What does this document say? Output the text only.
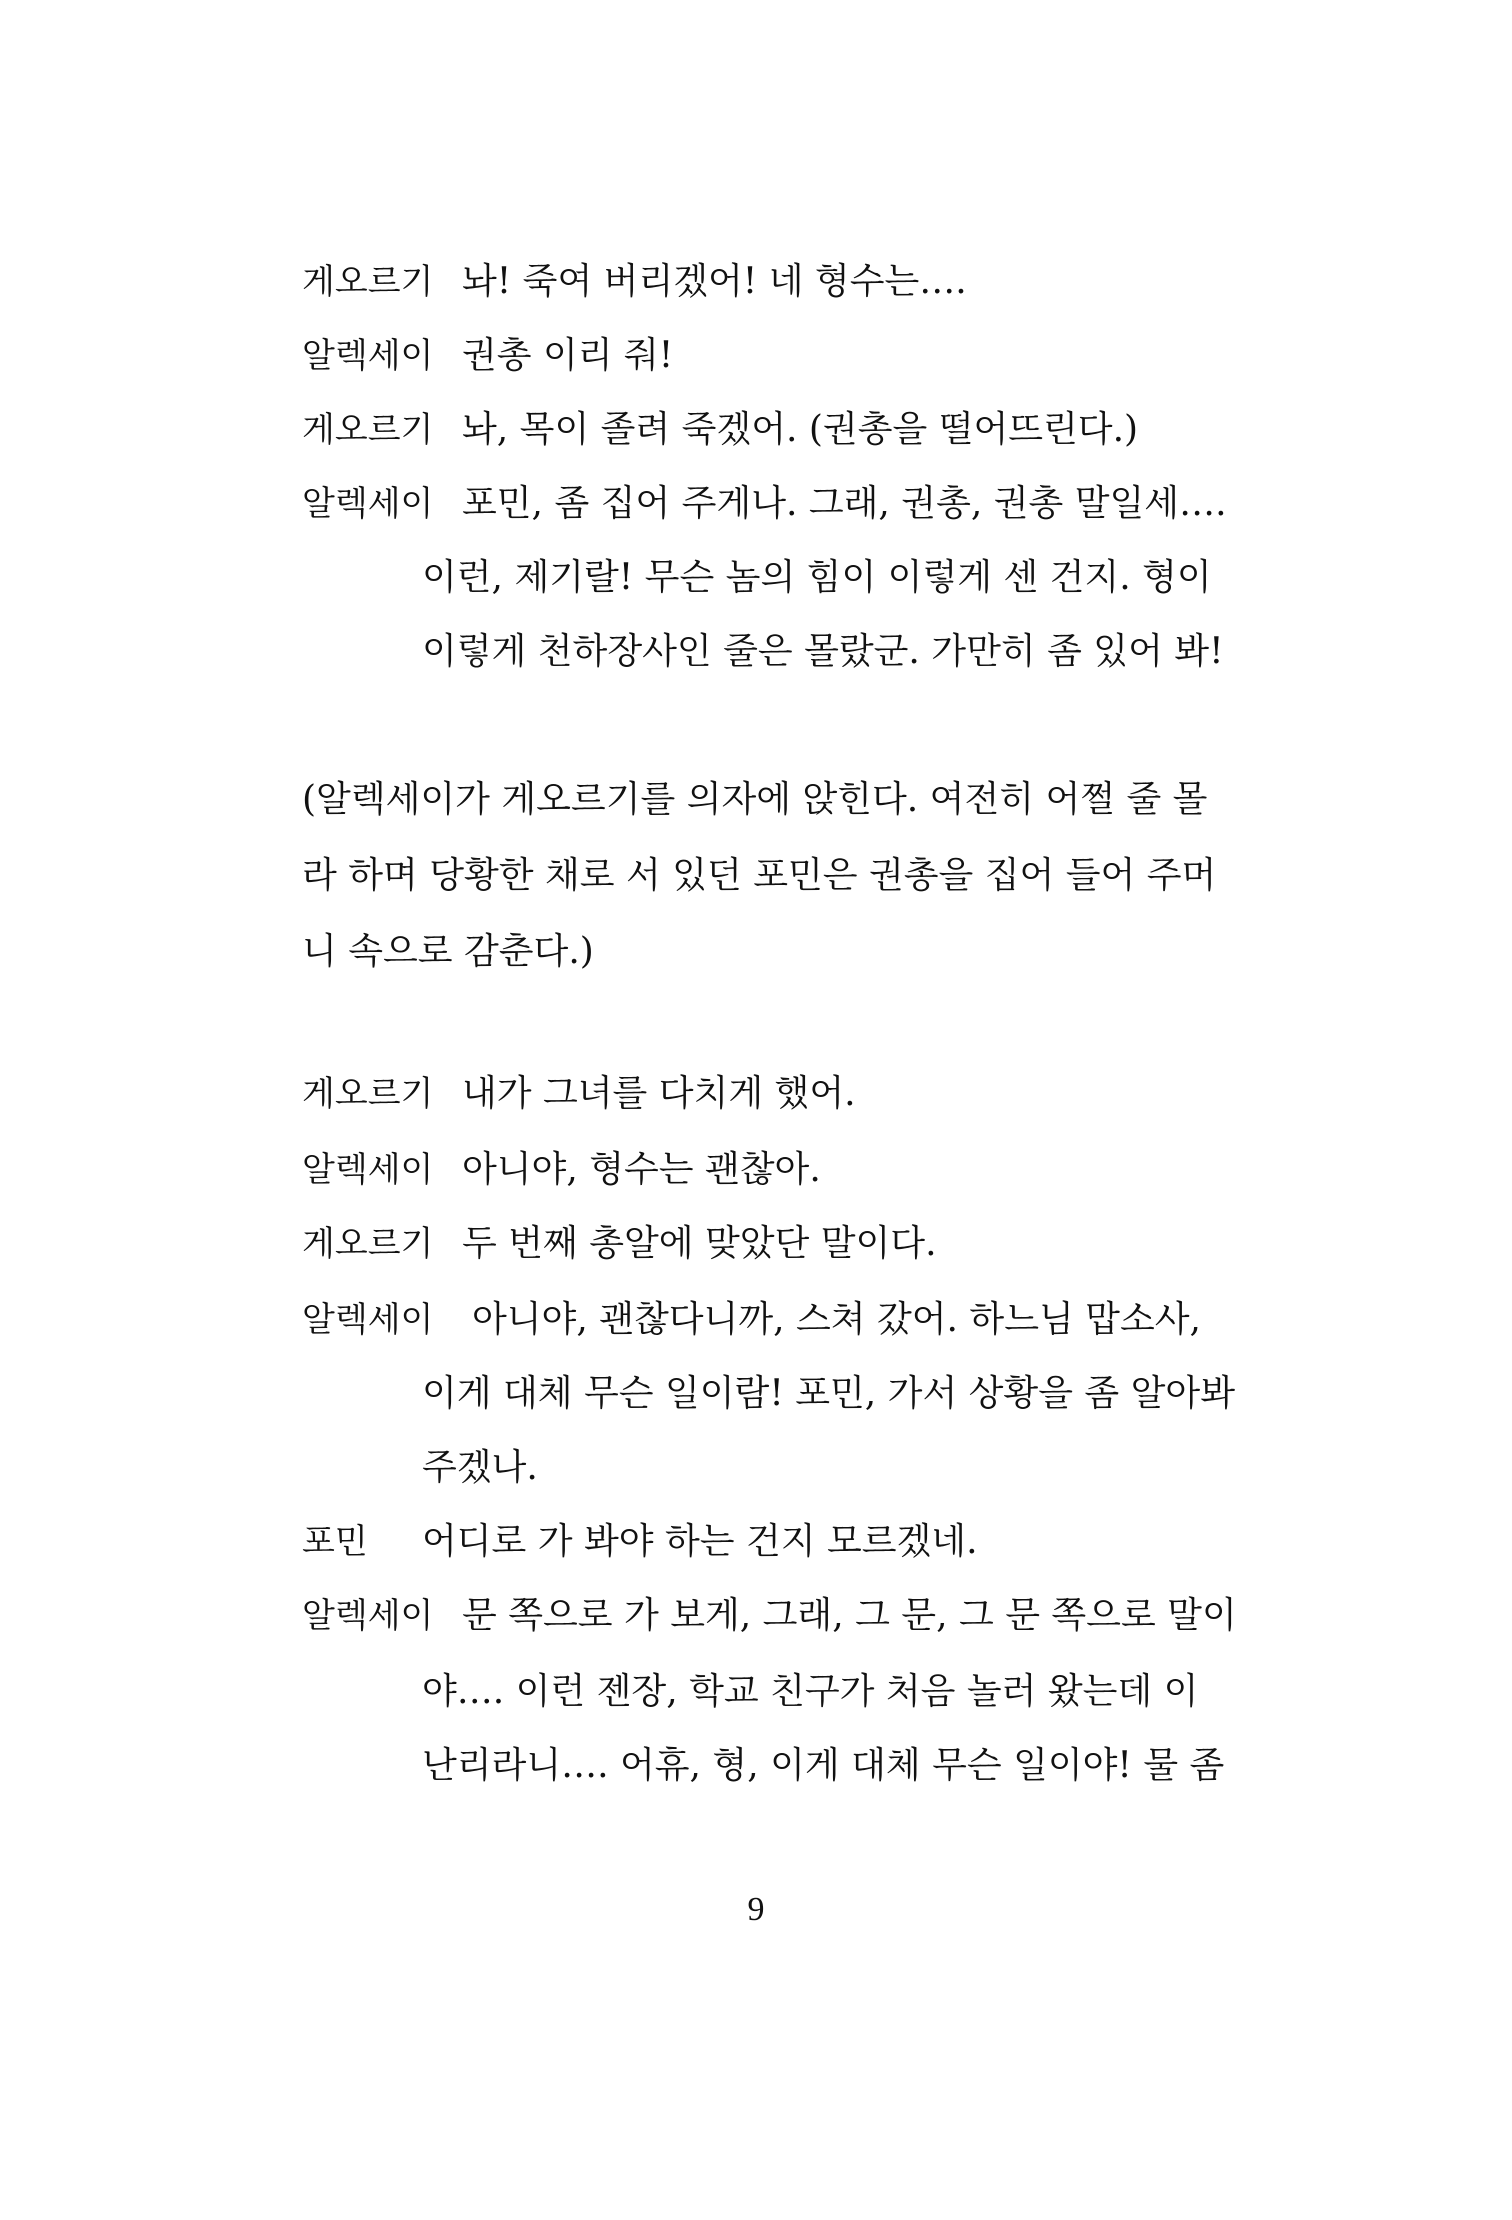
게오르기 놔! 죽여 버리겠어! 네 형수는….
알렉세이 권총 이리 줘!
게오르기 놔, 목이 졸려 죽겠어. (권총을 떨어뜨린다.)
알렉세이 포민, 좀 집어 주게나. 그래, 권총, 권총 말일세….
이런, 제기랄! 무슨 놈의 힘이 이렇게 센 건지. 형이
이렇게 천하장사인 줄은 몰랐군. 가만히 좀 있어 봐!
(알렉세이가 게오르기를 의자에 앉힌다. 여전히 어쩔 줄 몰
라 하며 당황한 채로 서 있던 포민은 권총을 집어 들어 주머
니 속으로 감춘다.)
게오르기 내가 그녀를 다치게 했어.
알렉세이 아니야, 형수는 괜찮아.
게오르기 두 번째 총알에 맞았단 말이다.
알렉세이	아니야, 괜찮다니까, 스쳐 갔어. 하느님 맙소사,
이게 대체 무슨 일이람! 포민, 가서 상황을 좀 알아봐
주겠나.
포민	어디로 가 봐야 하는 건지 모르겠네.
알렉세이 문 쪽으로 가 보게, 그래, 그 문, 그 문 쪽으로 말이
야…. 이런 젠장, 학교 친구가 처음 놀러 왔는데 이
난리라니…. 어휴, 형, 이게 대체 무슨 일이야! 물 좀
9
